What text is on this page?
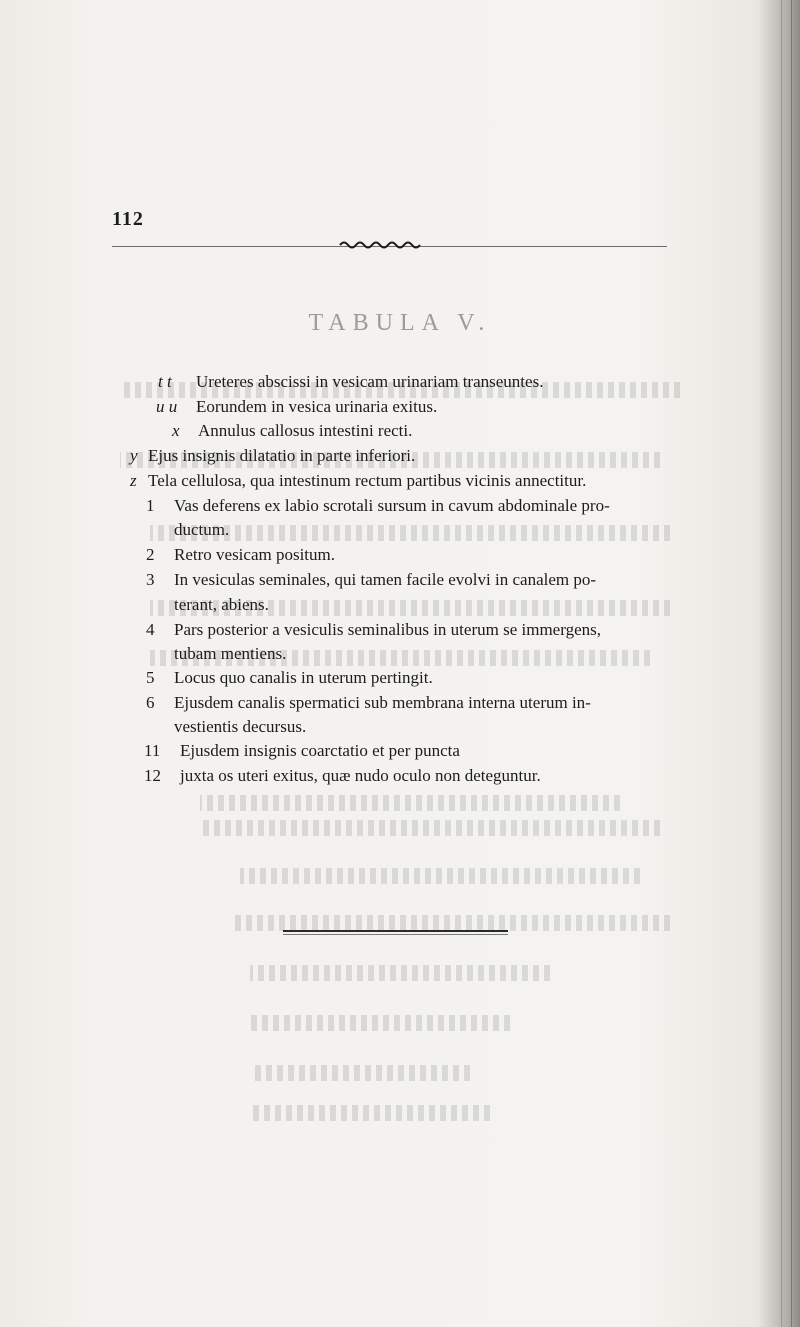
112
TABULA V.
t t Ureteres abscissi in vesicam urinariam transeuntes.
u u Eorundem in vesica urinaria exitus.
x Annulus callosus intestini recti.
y Ejus insignis dilatatio in parte inferiori.
z Tela cellulosa, qua intestinum rectum partibus vicinis annectitur.
1 Vas deferens ex labio scrotali sursum in cavum abdominale pro-
ductum.
2 Retro vesicam positum.
3 In vesiculas seminales, qui tamen facile evolvi in canalem po-
terant, abiens.
4 Pars posterior a vesiculis seminalibus in uterum se immergens,
tubam mentiens.
5 Locus quo canalis in uterum pertingit.
6 Ejusdem canalis spermatici sub membrana interna uterum in-
vestientis decursus.
11 Ejusdem insignis coarctatio et per puncta
12 juxta os uteri exitus, quæ nudo oculo non deteguntur.
